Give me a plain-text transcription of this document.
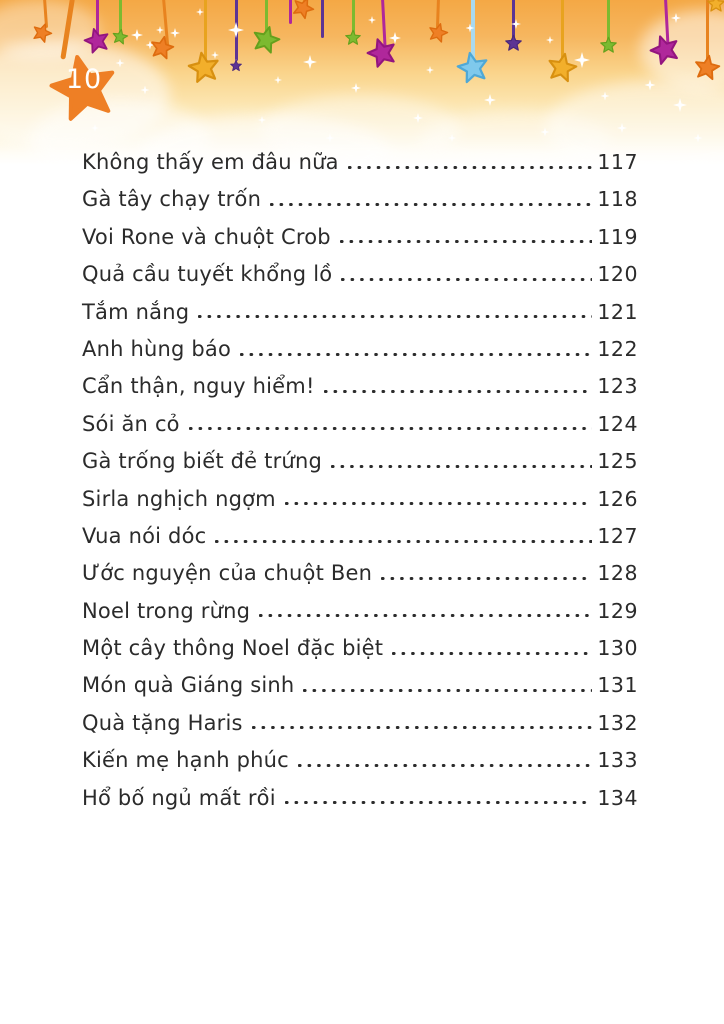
10
Không thấy em đâu nữa	117
Gà tây chạy trốn	118
Voi Rone và chuột Crob	119
Quả cầu tuyết khổng lồ	120
Tắm nắng	121
Anh hùng báo	122
Cẩn thận, nguy hiểm!	123
Sói ăn cỏ	124
Gà trống biết đẻ trứng	125
Sirla nghịch ngợm	126
Vua nói dóc	127
Ước nguyện của chuột Ben	128
Noel trong rừng	129
Một cây thông Noel đặc biệt	130
Món quà Giáng sinh	131
Quà tặng Haris	132
Kiến mẹ hạnh phúc	133
Hổ bố ngủ mất rồi	134
